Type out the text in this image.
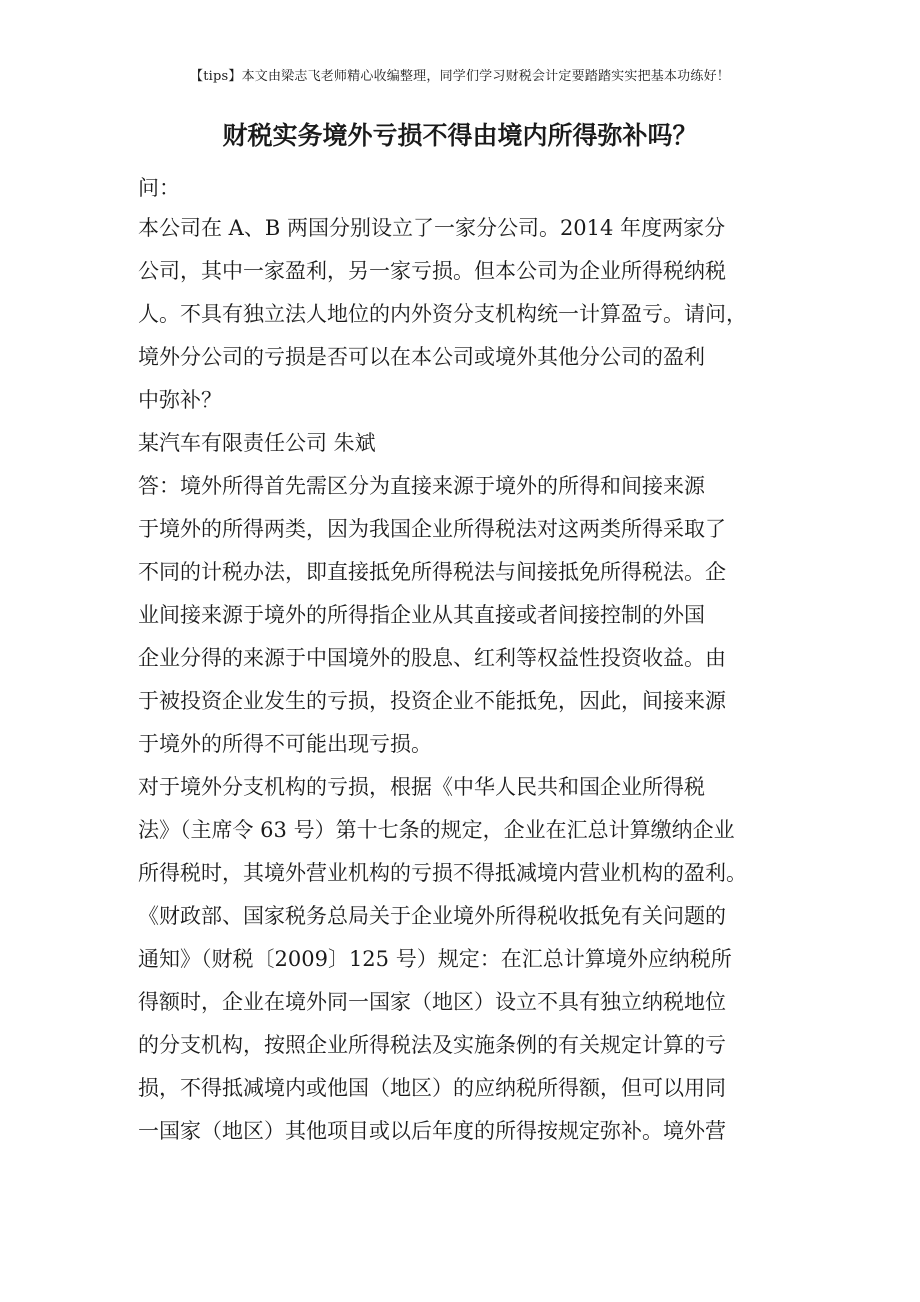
【tips】本文由梁志飞老师精心收编整理，同学们学习财税会计定要踏踏实实把基本功练好！
财税实务境外亏损不得由境内所得弥补吗？
问：
本公司在 A、B 两国分别设立了一家分公司。2014 年度两家分
公司，其中一家盈利，另一家亏损。但本公司为企业所得税纳税
人。不具有独立法人地位的内外资分支机构统一计算盈亏。请问，
境外分公司的亏损是否可以在本公司或境外其他分公司的盈利
中弥补？
某汽车有限责任公司 朱斌
答：境外所得首先需区分为直接来源于境外的所得和间接来源
于境外的所得两类，因为我国企业所得税法对这两类所得采取了
不同的计税办法，即直接抵免所得税法与间接抵免所得税法。企
业间接来源于境外的所得指企业从其直接或者间接控制的外国
企业分得的来源于中国境外的股息、红利等权益性投资收益。由
于被投资企业发生的亏损，投资企业不能抵免，因此，间接来源
于境外的所得不可能出现亏损。
对于境外分支机构的亏损，根据《中华人民共和国企业所得税
法》（主席令 63 号）第十七条的规定，企业在汇总计算缴纳企业
所得税时，其境外营业机构的亏损不得抵减境内营业机构的盈利。
《财政部、国家税务总局关于企业境外所得税收抵免有关问题的
通知》（财税〔2009〕125 号）规定：在汇总计算境外应纳税所
得额时，企业在境外同一国家（地区）设立不具有独立纳税地位
的分支机构，按照企业所得税法及实施条例的有关规定计算的亏
损，不得抵减境内或他国（地区）的应纳税所得额，但可以用同
一国家（地区）其他项目或以后年度的所得按规定弥补。境外营
